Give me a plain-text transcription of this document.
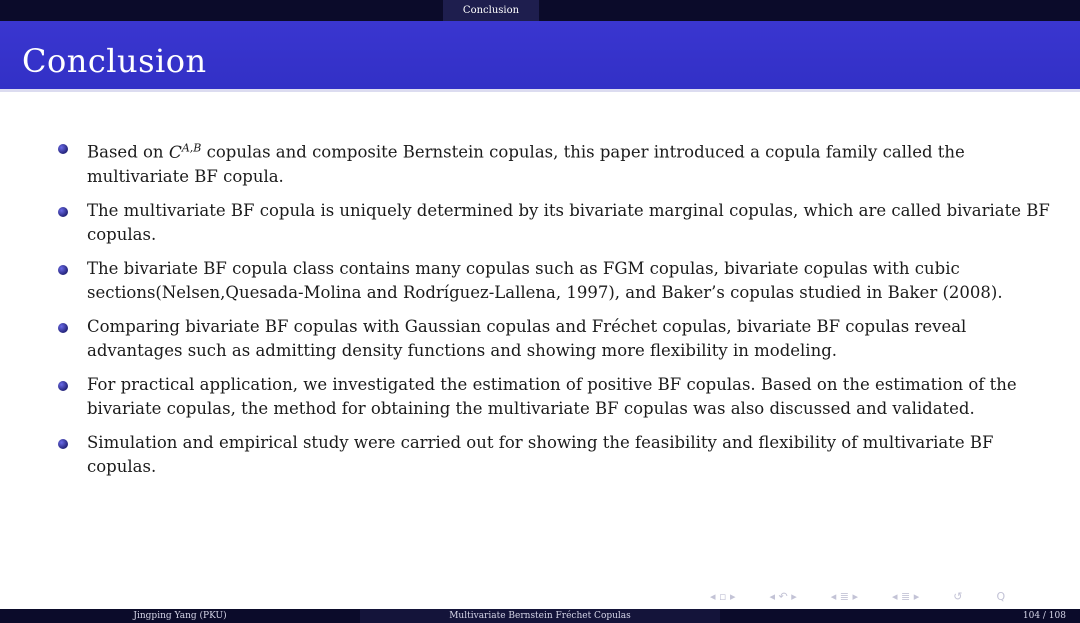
Conclusion
Conclusion
Based on $C^{A,B}$ copulas and composite Bernstein copulas, this paper introduced a copula family called the multivariate BF copula.
The multivariate BF copula is uniquely determined by its bivariate marginal copulas, which are called bivariate BF copulas.
The bivariate BF copula class contains many copulas such as FGM copulas, bivariate copulas with cubic sections(Nelsen,Quesada-Molina and Rodríguez-Lallena, 1997), and Baker’s copulas studied in Baker (2008).
Comparing bivariate BF copulas with Gaussian copulas and Fréchet copulas, bivariate BF copulas reveal advantages such as admitting density functions and showing more flexibility in modeling.
For practical application, we investigated the estimation of positive BF copulas. Based on the estimation of the bivariate copulas, the method for obtaining the multivariate BF copulas was also discussed and validated.
Simulation and empirical study were carried out for showing the feasibility and flexibility of multivariate BF copulas.
◂ ▫ ▸	◂ ↶ ▸	◂ ≣ ▸	◂ ≣ ▸	↺	Q
Jingping Yang (PKU)	Multivariate Bernstein Fréchet Copulas	104 / 108
